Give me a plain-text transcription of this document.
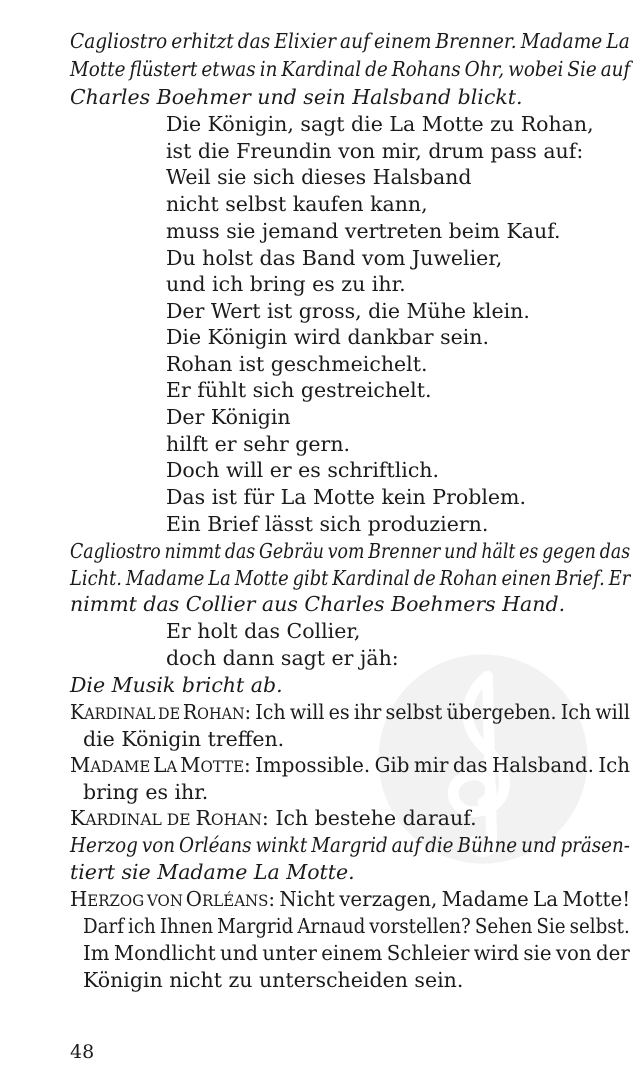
Cagliostro erhitzt das Elixier auf einem Brenner. Madame La
Motte flüstert etwas in Kardinal de Rohans Ohr, wobei Sie auf
Charles Boehmer und sein Halsband blickt.
Die Königin, sagt die La Motte zu Rohan,
ist die Freundin von mir, drum pass auf:
Weil sie sich dieses Halsband
nicht selbst kaufen kann,
muss sie jemand vertreten beim Kauf.
Du holst das Band vom Juwelier,
und ich bring es zu ihr.
Der Wert ist gross, die Mühe klein.
Die Königin wird dankbar sein.
Rohan ist geschmeichelt.
Er fühlt sich gestreichelt.
Der Königin
hilft er sehr gern.
Doch will er es schriftlich.
Das ist für La Motte kein Problem.
Ein Brief lässt sich produziern.
Cagliostro nimmt das Gebräu vom Brenner und hält es gegen das
Licht. Madame La Motte gibt Kardinal de Rohan einen Brief. Er
nimmt das Collier aus Charles Boehmers Hand.
Er holt das Collier,
doch dann sagt er jäh:
Die Musik bricht ab.
KARDINAL DE ROHAN: Ich will es ihr selbst übergeben. Ich will
die Königin treffen.
MADAME LA MOTTE: Impossible. Gib mir das Halsband. Ich
bring es ihr.
KARDINAL DE ROHAN: Ich bestehe darauf.
Herzog von Orléans winkt Margrid auf die Bühne und präsen-
tiert sie Madame La Motte.
HERZOG VON ORLÉANS: Nicht verzagen, Madame La Motte!
Darf ich Ihnen Margrid Arnaud vorstellen? Sehen Sie selbst.
Im Mondlicht und unter einem Schleier wird sie von der
Königin nicht zu unterscheiden sein.
48
